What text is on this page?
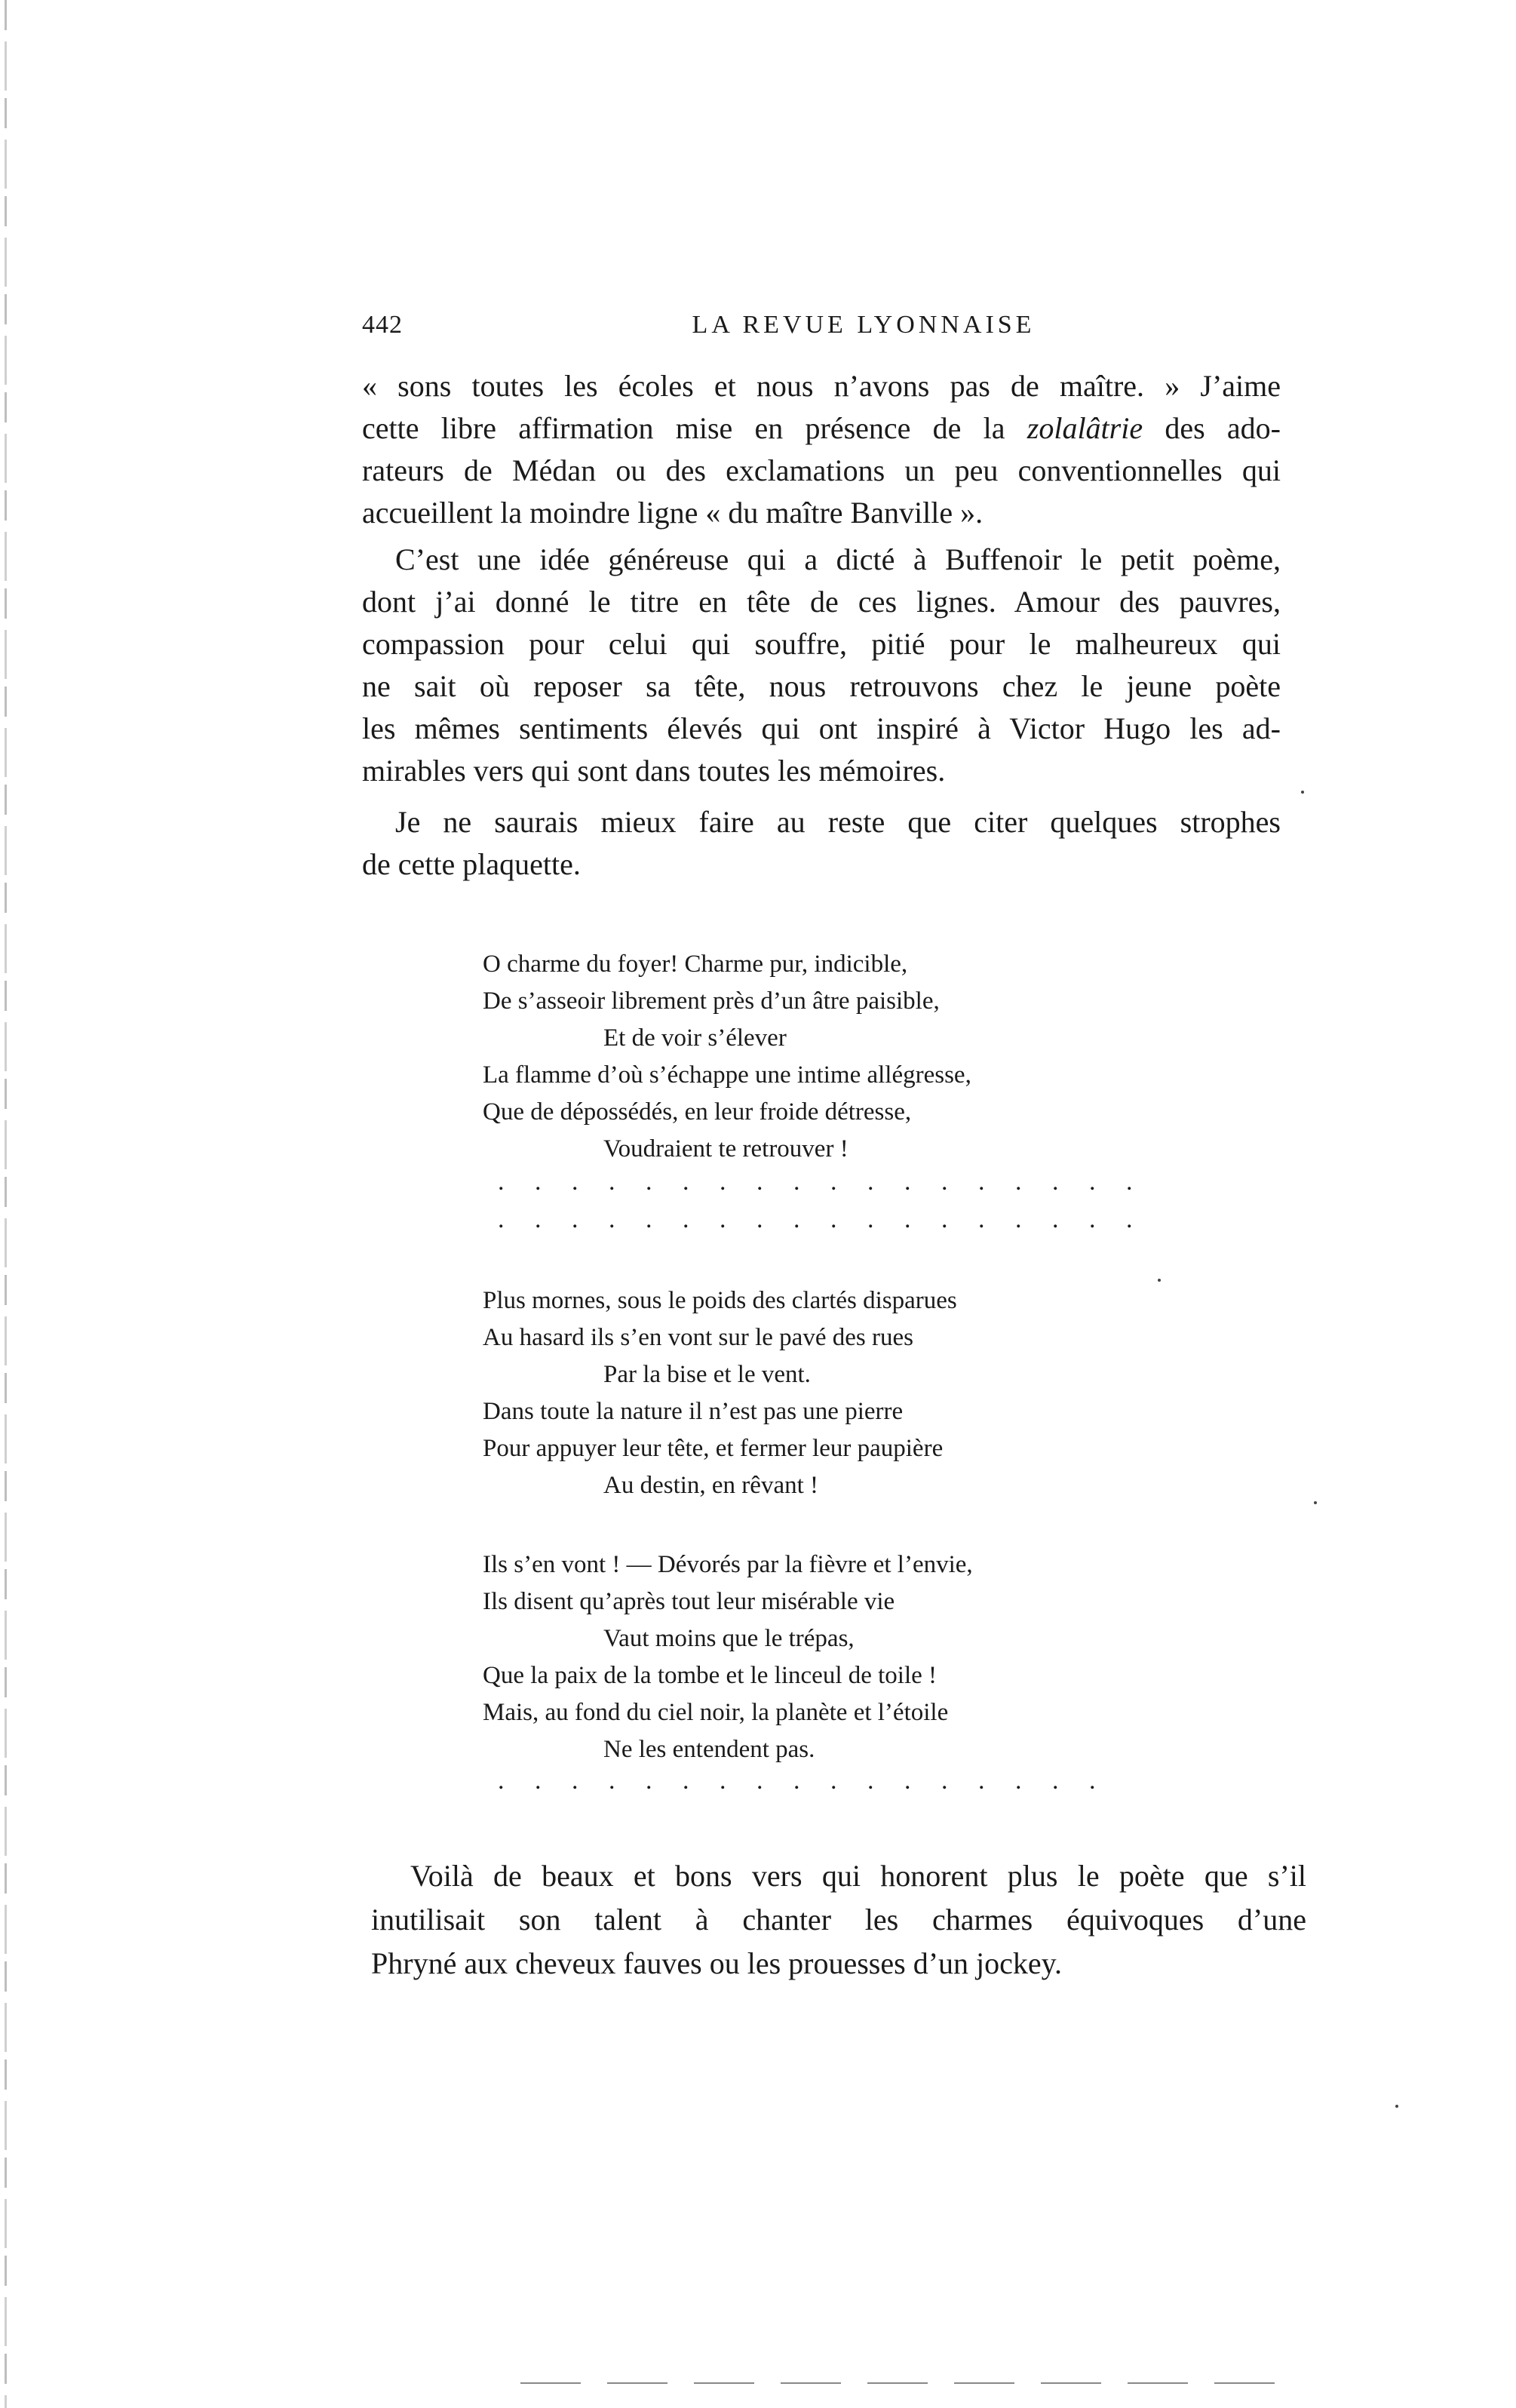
442	LA REVUE LYONNAISE
« sons toutes les écoles et nous n’avons pas de maître. » J’aime
cette libre affirmation mise en présence de la zolalâtrie des ado-
rateurs de Médan ou des exclamations un peu conventionnelles qui
accueillent la moindre ligne « du maître Banville ».
C’est une idée généreuse qui a dicté à Buffenoir le petit poème,
dont j’ai donné le titre en tête de ces lignes. Amour des pauvres,
compassion pour celui qui souffre, pitié pour le malheureux qui
ne sait où reposer sa tête, nous retrouvons chez le jeune poète
les mêmes sentiments élevés qui ont inspiré à Victor Hugo les ad-
mirables vers qui sont dans toutes les mémoires.
Je ne saurais mieux faire au reste que citer quelques strophes
de cette plaquette.
O charme du foyer! Charme pur, indicible,
De s’asseoir librement près d’un âtre paisible,
Et de voir s’élever
La flamme d’où s’échappe une intime allégresse,
Que de dépossédés, en leur froide détresse,
Voudraient te retrouver !
. . . . . . . . . . . . . . . . . .
. . . . . . . . . . . . . . . . . .
Plus mornes, sous le poids des clartés disparues
Au hasard ils s’en vont sur le pavé des rues
Par la bise et le vent.
Dans toute la nature il n’est pas une pierre
Pour appuyer leur tête, et fermer leur paupière
Au destin, en rêvant !
Ils s’en vont ! — Dévorés par la fièvre et l’envie,
Ils disent qu’après tout leur misérable vie
Vaut moins que le trépas,
Que la paix de la tombe et le linceul de toile !
Mais, au fond du ciel noir, la planète et l’étoile
Ne les entendent pas.
. . . . . . . . . . . . . . . . .
Voilà de beaux et bons vers qui honorent plus le poète que s’il
inutilisait son talent à chanter les charmes équivoques d’une
Phryné aux cheveux fauves ou les prouesses d’un jockey.
